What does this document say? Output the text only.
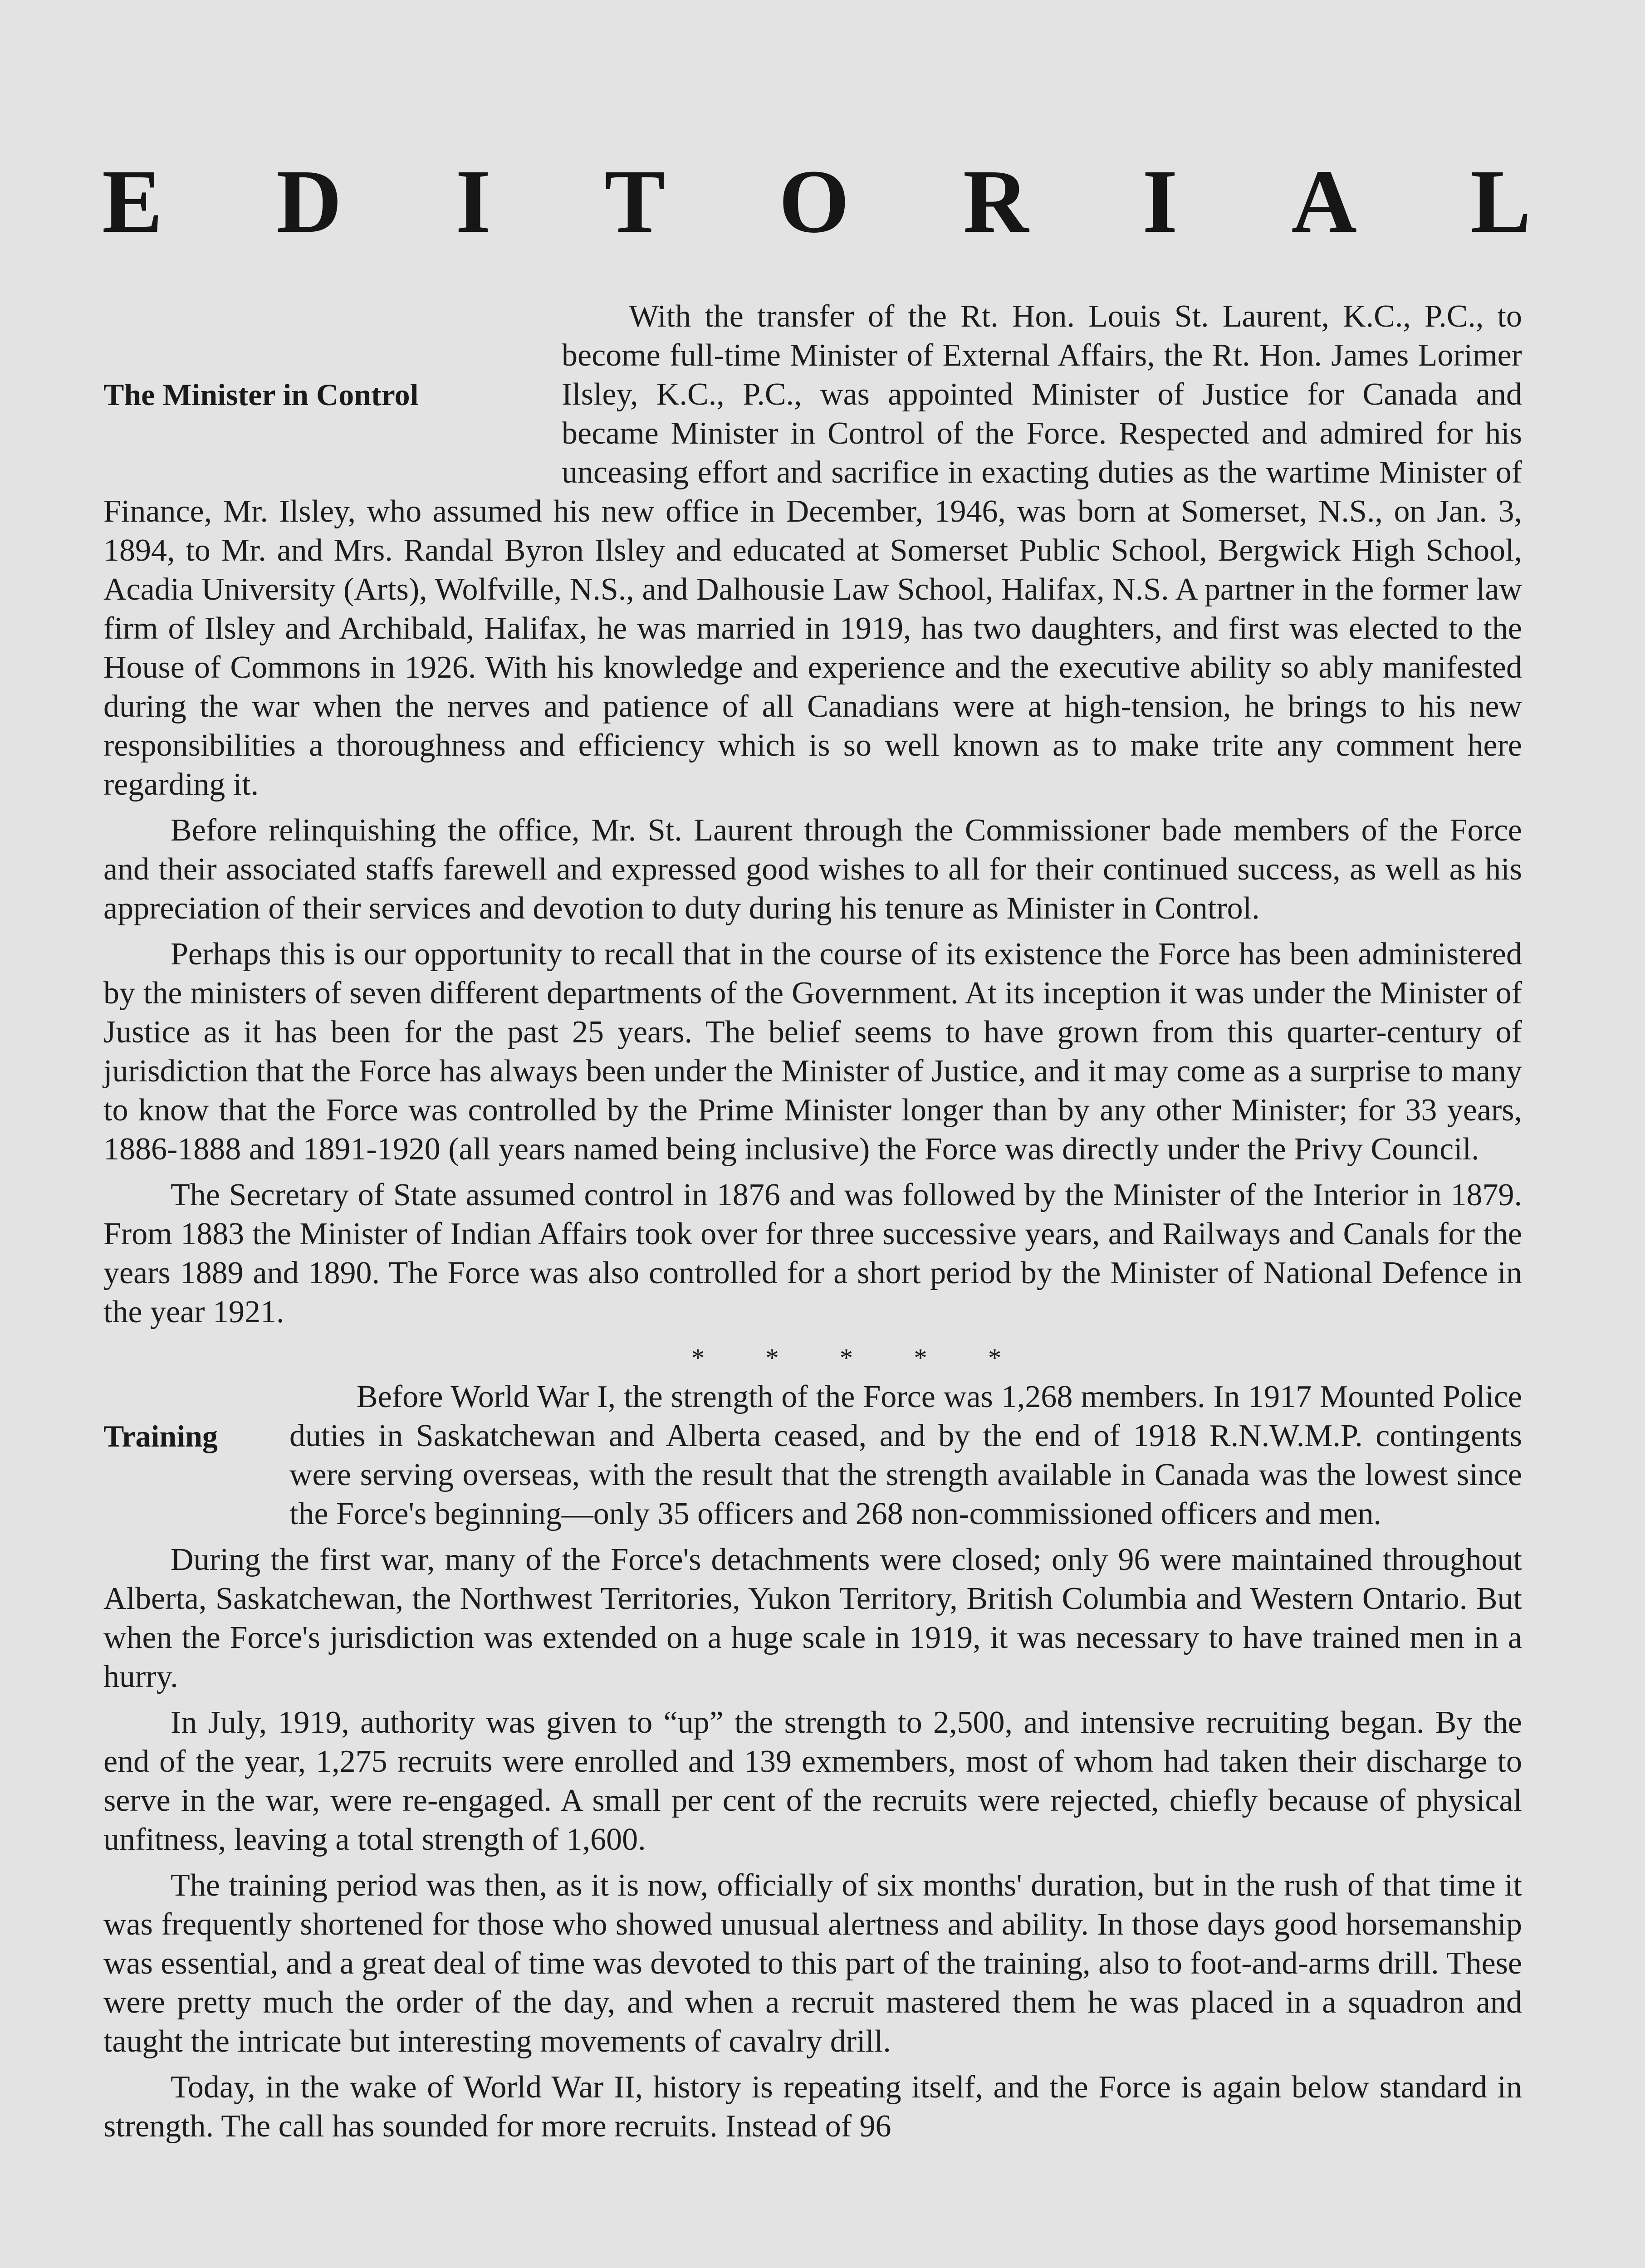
E D I T O R I A L
The Minister in Control

With the transfer of the Rt. Hon. Louis St. Laurent, K.C., P.C., to become full-time Minister of External Affairs, the Rt. Hon. James Lorimer Ilsley, K.C., P.C., was appointed Minister of Justice for Canada and became Minister in Control of the Force. Respected and admired for his unceasing effort and sacrifice in exacting duties as the wartime Minister of Finance, Mr. Ilsley, who assumed his new office in December, 1946, was born at Somerset, N.S., on Jan. 3, 1894, to Mr. and Mrs. Randal Byron Ilsley and educated at Somerset Public School, Bergwick High School, Acadia University (Arts), Wolfville, N.S., and Dalhousie Law School, Halifax, N.S. A partner in the former law firm of Ilsley and Archibald, Halifax, he was married in 1919, has two daughters, and first was elected to the House of Commons in 1926. With his knowledge and experience and the executive ability so ably manifested during the war when the nerves and patience of all Canadians were at high-tension, he brings to his new responsibilities a thoroughness and efficiency which is so well known as to make trite any comment here regarding it.

Before relinquishing the office, Mr. St. Laurent through the Commissioner bade members of the Force and their associated staffs farewell and expressed good wishes to all for their continued success, as well as his appreciation of their services and devotion to duty during his tenure as Minister in Control.

Perhaps this is our opportunity to recall that in the course of its existence the Force has been administered by the ministers of seven different departments of the Government. At its inception it was under the Minister of Justice as it has been for the past 25 years. The belief seems to have grown from this quarter-century of jurisdiction that the Force has always been under the Minister of Justice, and it may come as a surprise to many to know that the Force was controlled by the Prime Minister longer than by any other Minister; for 33 years, 1886-1888 and 1891-1920 (all years named being inclusive) the Force was directly under the Privy Council.

The Secretary of State assumed control in 1876 and was followed by the Minister of the Interior in 1879. From 1883 the Minister of Indian Affairs took over for three successive years, and Railways and Canals for the years 1889 and 1890. The Force was also controlled for a short period by the Minister of National Defence in the year 1921.

* * * * *

Training

Before World War I, the strength of the Force was 1,268 members. In 1917 Mounted Police duties in Saskatchewan and Alberta ceased, and by the end of 1918 R.N.W.M.P. contingents were serving overseas, with the result that the strength available in Canada was the lowest since the Force's beginning—only 35 officers and 268 non-commissioned officers and men.

During the first war, many of the Force's detachments were closed; only 96 were maintained throughout Alberta, Saskatchewan, the Northwest Territories, Yukon Territory, British Columbia and Western Ontario. But when the Force's jurisdiction was extended on a huge scale in 1919, it was necessary to have trained men in a hurry.

In July, 1919, authority was given to “up” the strength to 2,500, and intensive recruiting began. By the end of the year, 1,275 recruits were enrolled and 139 exmembers, most of whom had taken their discharge to serve in the war, were re-engaged. A small per cent of the recruits were rejected, chiefly because of physical unfitness, leaving a total strength of 1,600.

The training period was then, as it is now, officially of six months' duration, but in the rush of that time it was frequently shortened for those who showed unusual alertness and ability. In those days good horsemanship was essential, and a great deal of time was devoted to this part of the training, also to foot-and-arms drill. These were pretty much the order of the day, and when a recruit mastered them he was placed in a squadron and taught the intricate but interesting movements of cavalry drill.

Today, in the wake of World War II, history is repeating itself, and the Force is again below standard in strength. The call has sounded for more recruits. Instead of 96
